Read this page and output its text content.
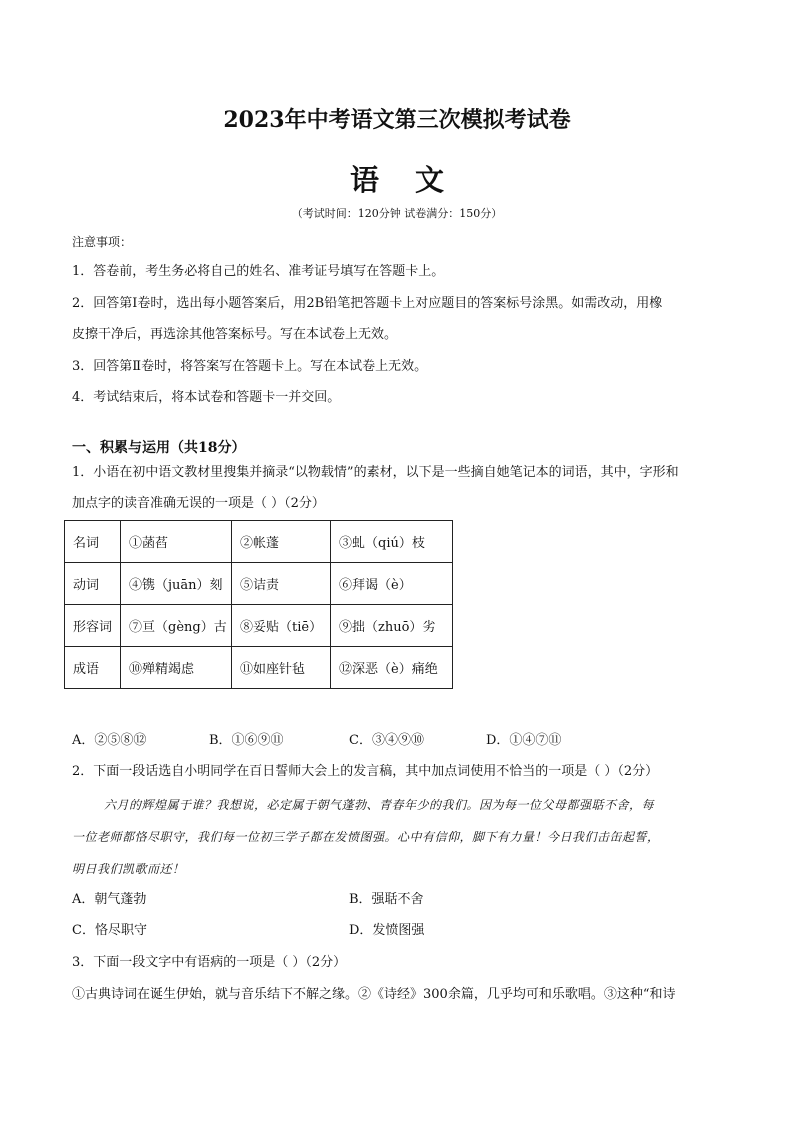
2023年中考语文第三次模拟考试卷
语文
（考试时间：120分钟 试卷满分：150分）
注意事项：
1．答卷前，考生务必将自己的姓名、准考证号填写在答题卡上。
2．回答第Ⅰ卷时，选出每小题答案后，用2B铅笔把答题卡上对应题目的答案标号涂黑。如需改动，用橡
皮擦干净后，再选涂其他答案标号。写在本试卷上无效。
3．回答第Ⅱ卷时，将答案写在答题卡上。写在本试卷上无效。
4．考试结束后，将本试卷和答题卡一并交回。
一、积累与运用（共18分）
1．小语在初中语文教材里搜集并摘录“以物载情”的素材，以下是一些摘自她笔记本的词语，其中，字形和
加点字的读音准确无误的一项是（ ）（2分）
名词	①菡萏	②帐蓬	③虬（qiú）枝
动词	④镌（juān）刻	⑤诘责	⑥拜谒（è）
形容词	⑦亘（gèng）古	⑧妥贴（tiē）	⑨拙（zhuō）劣
成语	⑩殚精竭虑	⑪如座针毡	⑫深恶（è）痛绝
A．②⑤⑧⑫	B．①⑥⑨⑪	C．③④⑨⑩	D．①④⑦⑪
2．下面一段话选自小明同学在百日誓师大会上的发言稿，其中加点词使用不恰当的一项是（ ）（2分）
六月的辉煌属于谁？我想说，必定属于朝气蓬勃、青春年少的我们。因为每一位父母都强聒不舍，每
一位老师都恪尽职守，我们每一位初三学子都在发愤图强。心中有信仰，脚下有力量！今日我们击缶起誓，
明日我们凯歌而还！
A．朝气蓬勃	B．强聒不舍
C．恪尽职守	D．发愤图强
3．下面一段文字中有语病的一项是（ ）（2分）
①古典诗词在诞生伊始，就与音乐结下不解之缘。②《诗经》300余篇，几乎均可和乐歌唱。③这种“和诗
